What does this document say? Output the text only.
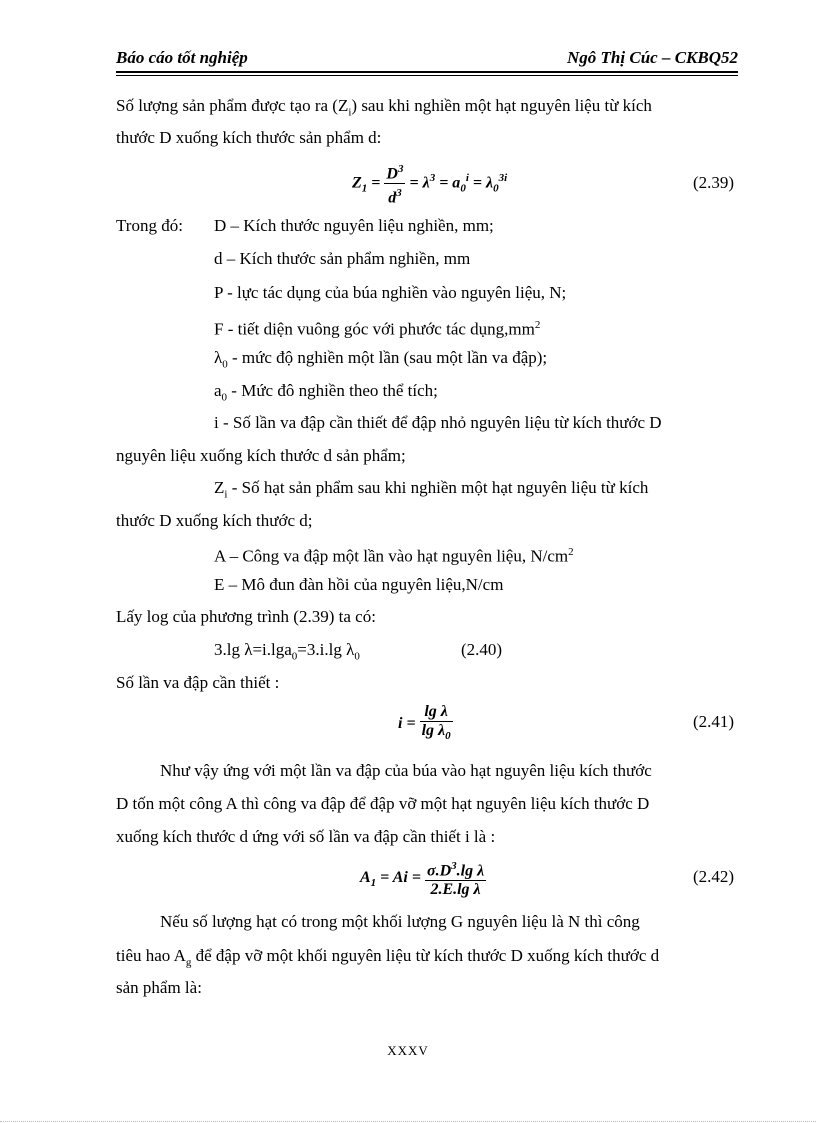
Báo cáo tốt nghiệp	Ngô Thị Cúc – CKBQ52
Số lượng sản phẩm được tạo ra $(Z_i)$ sau khi nghiền một hạt nguyên liệu từ kích
thước D xuống kích thước sản phẩm d:
$Z_1 = \frac{D^3}{d^3} = \lambda^3 = a_0^i = \lambda_0^{3i}$	(2.39)
Trong đó: D – Kích thước nguyên liệu nghiền, mm;
d – Kích thước sản phẩm nghiền, mm
P - lực tác dụng của búa nghiền vào nguyên liệu, N;
F - tiết diện vuông góc với phước tác $dụng,mm^2$
$\lambda_0$ - mức độ nghiền một lần (sau một lần va đập);
$a_0$ - Mức đô nghiền theo thể tích;
i - Số lần va đập cần thiết để đập nhỏ nguyên liệu từ kích thước D
nguyên liệu xuống kích thước d sản phẩm;
$Z_i$ - Số hạt sản phẩm sau khi nghiền một hạt nguyên liệu từ kích
thước D xuống kích thước d;
A – Công va đập một lần vào hạt nguyên liệu, $N/cm^2$
E – Mô đun đàn hồi của nguyên liệu,N/cm
Lấy log của phương trình (2.39) ta có:
3.lg λ=i.lga$_0$=3.i.lg $\lambda_0$	(2.40)
Số lần va đập cần thiết :
$i = \frac{\text{lg λ}}{\lg \lambda_0}$	(2.41)
Như vậy ứng với một lần va đập của búa vào hạt nguyên liệu kích thước
D tốn một công A thì công va đập để đập vỡ một hạt nguyên liệu kích thước D
xuống kích thước d ứng với số lần va đập cần thiết i là :
$A_1 = Ai = \frac{\sigma.D^3.\lg \lambda}{\text{2.E.lg λ}}$	(2.42)
Nếu số lượng hạt có trong một khối lượng G nguyên liệu là N thì công
tiêu hao $A_g$ để đập vỡ một khối nguyên liệu từ kích thước D xuống kích thước d
sản phẩm là:
XXXV
